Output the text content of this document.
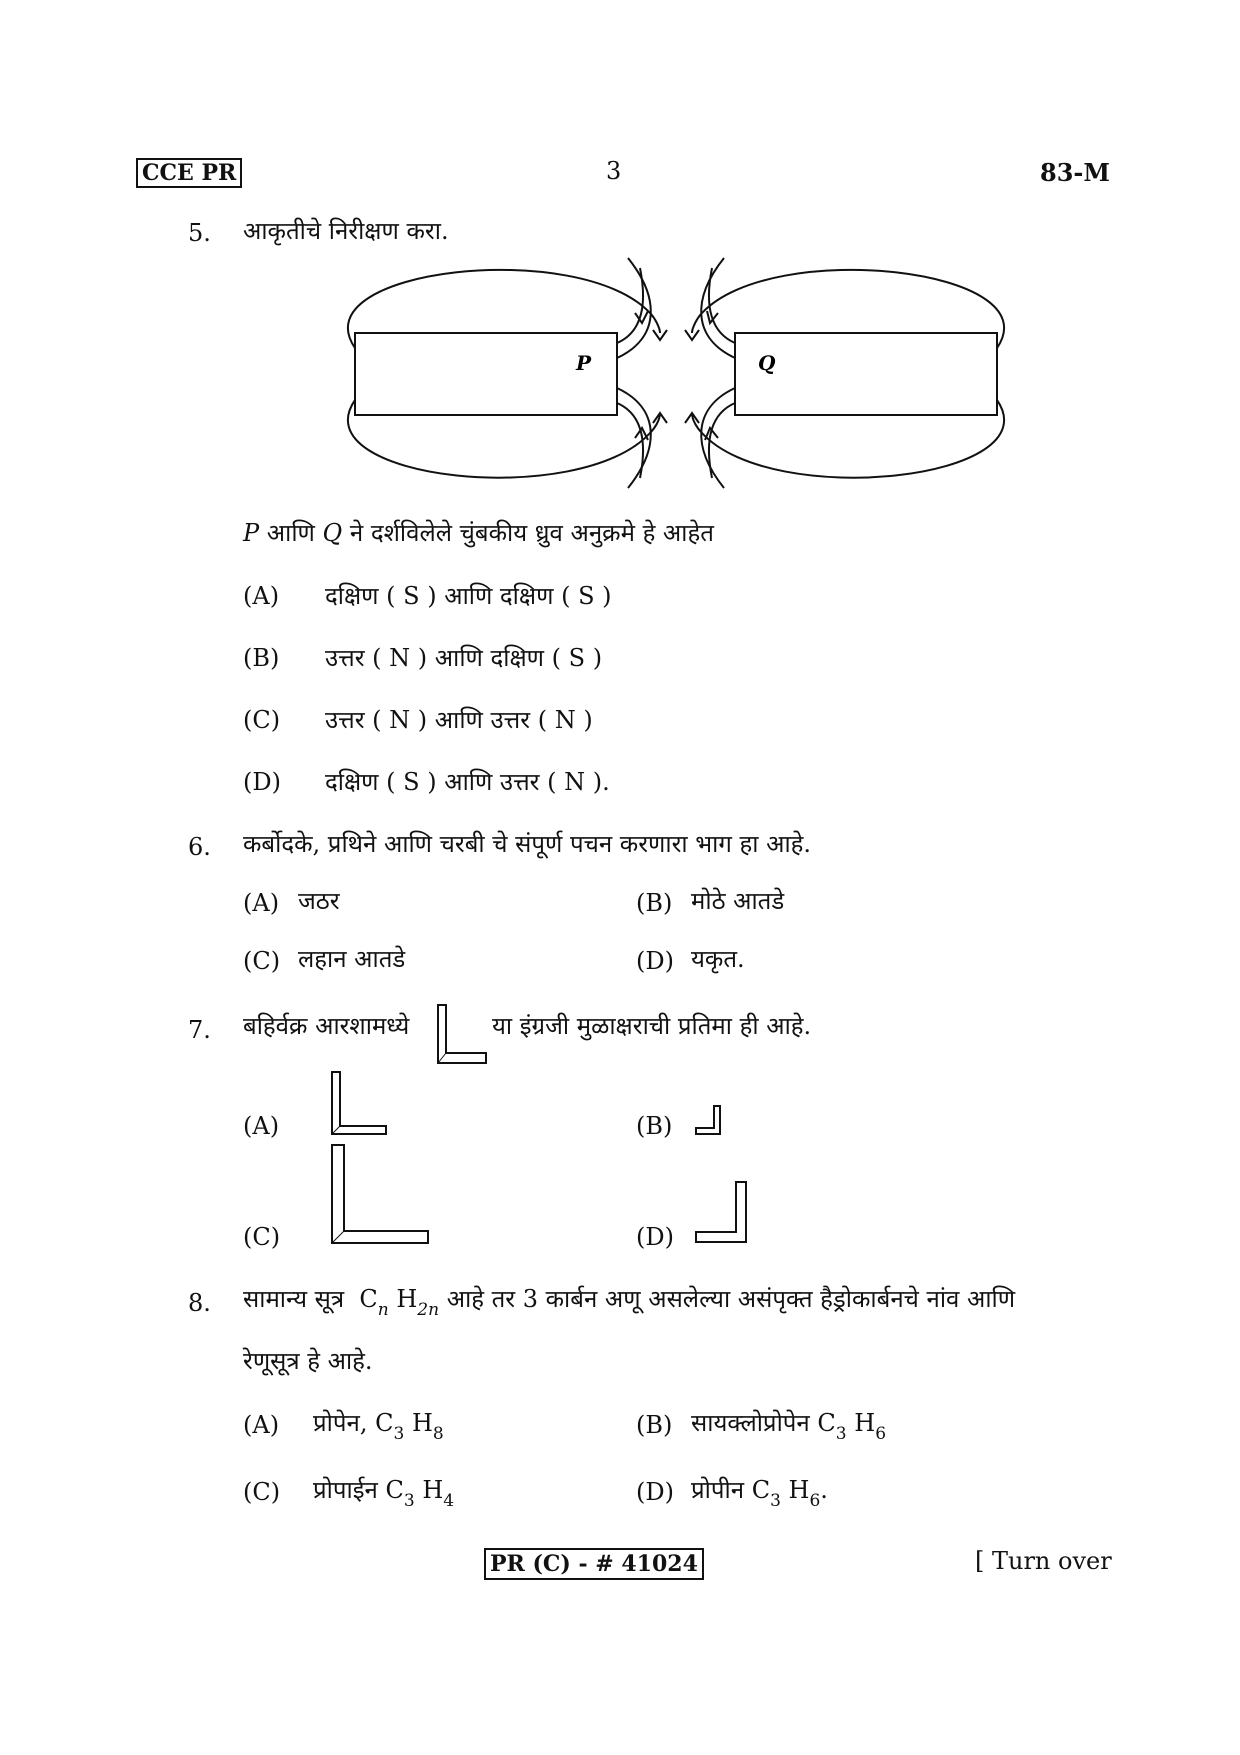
CCE PR	3	83-M
5. आकृतीचे निरीक्षण करा.
P	Q
P आणि Q ने दर्शविलेले चुंबकीय ध्रुव अनुक्रमे हे आहेत
(A) दक्षिण ( S ) आणि दक्षिण ( S )
(B) उत्तर ( N ) आणि दक्षिण ( S )
(C) उत्तर ( N ) आणि उत्तर ( N )
(D) दक्षिण ( S ) आणि उत्तर ( N ).
6. कर्बोदके, प्रथिने आणि चरबी चे संपूर्ण पचन करणारा भाग हा आहे.
(A) जठर	(B) मोठे आतडे
(C) लहान आतडे	(D) यकृत.
7. बहिर्वक्र आरशामध्ये	या इंग्रजी मुळाक्षराची प्रतिमा ही आहे.
(A)	(B)
(C)	(D)
8. सामान्य सूत्र $C_n$ $H_{2n}$ आहे तर 3 कार्बन अणू असलेल्या असंपृक्त हैड्रोकार्बनचे नांव आणि
रेणूसूत्र हे आहे.
(A) प्रोपेन, $C_3$ $H_8$	(B) सायक्लोप्रोपेन $C_3$ $H_6$
(C) प्रोपाईन $C_3$ $H_4$	(D) प्रोपीन $C_3$ $H_6$.
PR (C) - # 41024	[ Turn over
